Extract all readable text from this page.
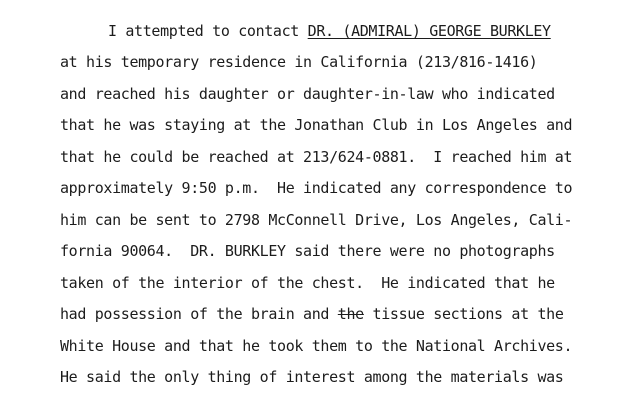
I attempted to contact DR. (ADMIRAL) GEORGE BURKLEY
at his temporary residence in California (213/816-1416)
and reached his daughter or daughter-in-law who indicated
that he was staying at the Jonathan Club in Los Angeles and
that he could be reached at 213/624-0881.  I reached him at
approximately 9:50 p.m.  He indicated any correspondence to
him can be sent to 2798 McConnell Drive, Los Angeles, Cali-
fornia 90064.  DR. BURKLEY said there were no photographs
taken of the interior of the chest.  He indicated that he
had possession of the brain and the tissue sections at the
White House and that he took them to the National Archives.
He said the only thing of interest among the materials was
